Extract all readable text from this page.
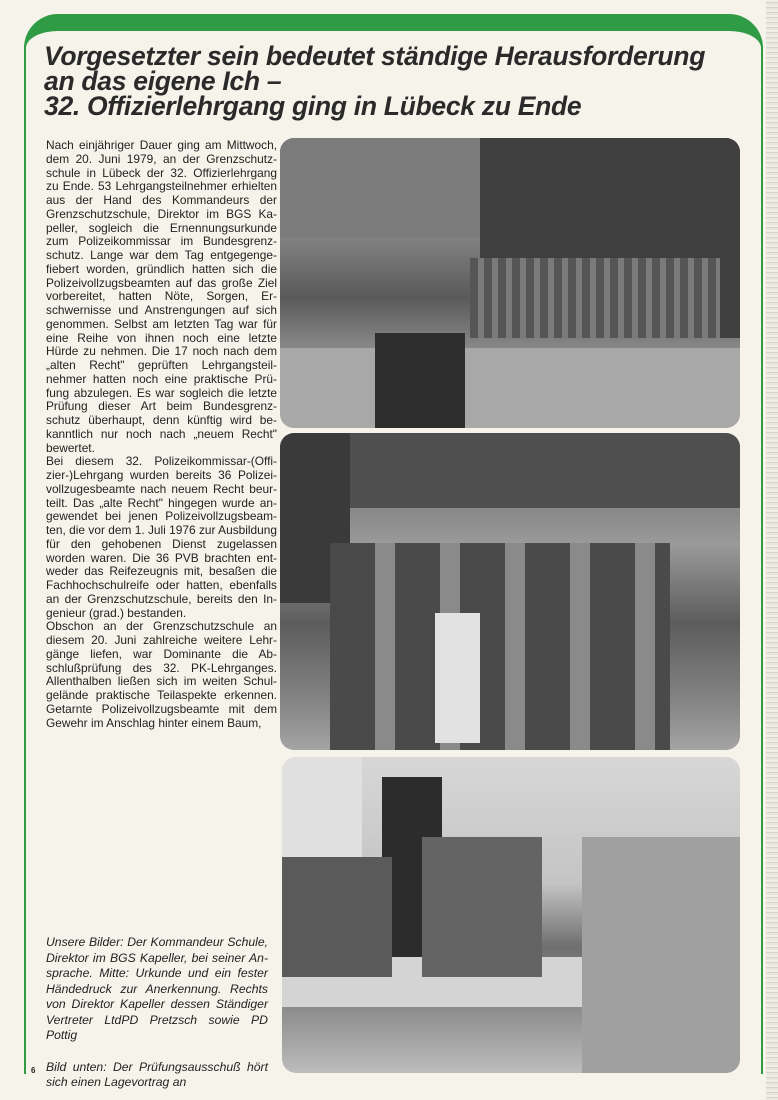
Vorgesetzter sein bedeutet ständige Herausforderung
an das eigene Ich –
32. Offizierlehrgang ging in Lübeck zu Ende

Nach einjähriger Dauer ging am Mittwoch, dem 20. Juni 1979, an der Grenzschutzschule in Lübeck der 32. Offizierlehrgang zu Ende. 53 Lehrgangsteilnehmer erhielten aus der Hand des Kommandeurs der Grenzschutzschule, Direktor im BGS Kapeller, sogleich die Ernennungsurkunde zum Polizeikommissar im Bundesgrenzschutz. Lange war dem Tag entgegengefiebert worden, gründlich hatten sich die Polizeivollzugsbeamten auf das große Ziel vorbereitet, hatten Nöte, Sorgen, Erschwernisse und Anstrengungen auf sich genommen. Selbst am letzten Tag war für eine Reihe von ihnen noch eine letzte Hürde zu nehmen. Die 17 noch nach dem „alten Recht" geprüften Lehrgangsteilnehmer hatten noch eine praktische Prüfung abzulegen. Es war sogleich die letzte Prüfung dieser Art beim Bundesgrenzschutz überhaupt, denn künftig wird bekanntlich nur noch nach „neuem Recht" bewertet.

Bei diesem 32. Polizeikommissar-(Offizier-)Lehrgang wurden bereits 36 Polizeivollzugesbeamte nach neuem Recht beurteilt. Das „alte Recht" hingegen wurde angewendet bei jenen Polizeivollzugsbeamten, die vor dem 1. Juli 1976 zur Ausbildung für den gehobenen Dienst zugelassen worden waren. Die 36 PVB brachten entweder das Reifezeugnis mit, besaßen die Fachhochschulreife oder hatten, ebenfalls an der Grenzschutzschule, bereits den Ingenieur (grad.) bestanden.

Obschon an der Grenzschutzschule an diesem 20. Juni zahlreiche weitere Lehrgänge liefen, war Dominante die Abschlußprüfung des 32. PK-Lehrganges. Allenthalben ließen sich im weiten Schulgelände praktische Teilaspekte erkennen. Getarnte Polizeivollzugsbeamte mit dem Gewehr im Anschlag hinter einem Baum,

Unsere Bilder: Der Kommandeur Schule, Direktor im BGS Kapeller, bei seiner Ansprache. Mitte: Urkunde und ein fester Händedruck zur Anerkennung. Rechts von Direktor Kapeller dessen Ständiger Vertreter LtdPD Pretzsch sowie PD Pottig

Bild unten: Der Prüfungsausschuß hört sich einen Lagevortrag an

6
